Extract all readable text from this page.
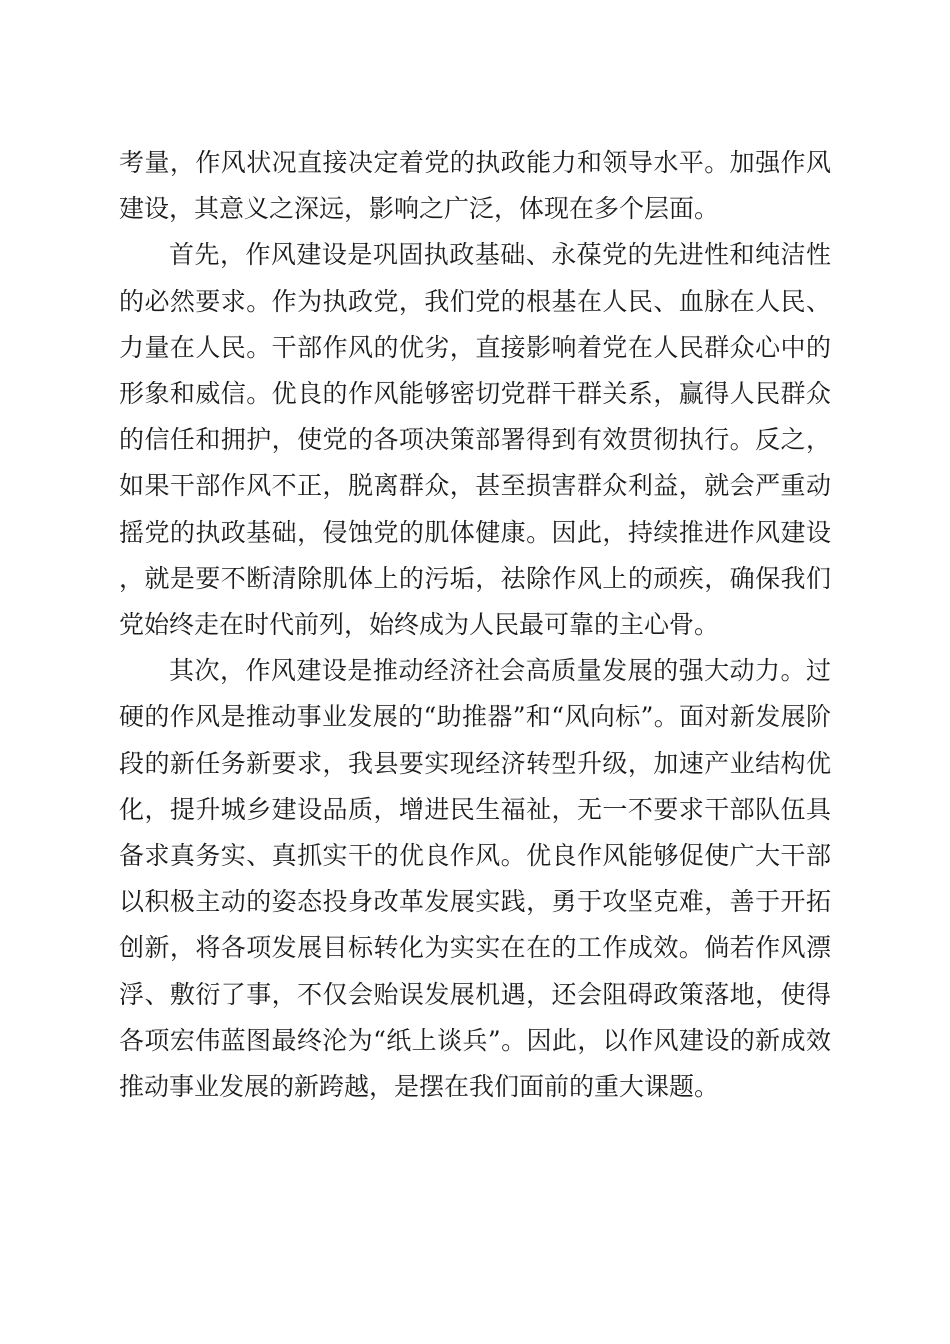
考量，作风状况直接决定着党的执政能力和领导水平。加强作风建设，其意义之深远，影响之广泛，体现在多个层面。

首先，作风建设是巩固执政基础、永葆党的先进性和纯洁性的必然要求。作为执政党，我们党的根基在人民、血脉在人民、力量在人民。干部作风的优劣，直接影响着党在人民群众心中的形象和威信。优良的作风能够密切党群干群关系，赢得人民群众的信任和拥护，使党的各项决策部署得到有效贯彻执行。反之，如果干部作风不正，脱离群众，甚至损害群众利益，就会严重动摇党的执政基础，侵蚀党的肌体健康。因此，持续推进作风建设，就是要不断清除肌体上的污垢，祛除作风上的顽疾，确保我们党始终走在时代前列，始终成为人民最可靠的主心骨。

其次，作风建设是推动经济社会高质量发展的强大动力。过硬的作风是推动事业发展的“助推器”和“风向标”。面对新发展阶段的新任务新要求，我县要实现经济转型升级，加速产业结构优化，提升城乡建设品质，增进民生福祉，无一不要求干部队伍具备求真务实、真抓实干的优良作风。优良作风能够促使广大干部以积极主动的姿态投身改革发展实践，勇于攻坚克难，善于开拓创新，将各项发展目标转化为实实在在的工作成效。倘若作风漂浮、敷衍了事，不仅会贻误发展机遇，还会阻碍政策落地，使得各项宏伟蓝图最终沦为“纸上谈兵”。因此，以作风建设的新成效推动事业发展的新跨越，是摆在我们面前的重大课题。
